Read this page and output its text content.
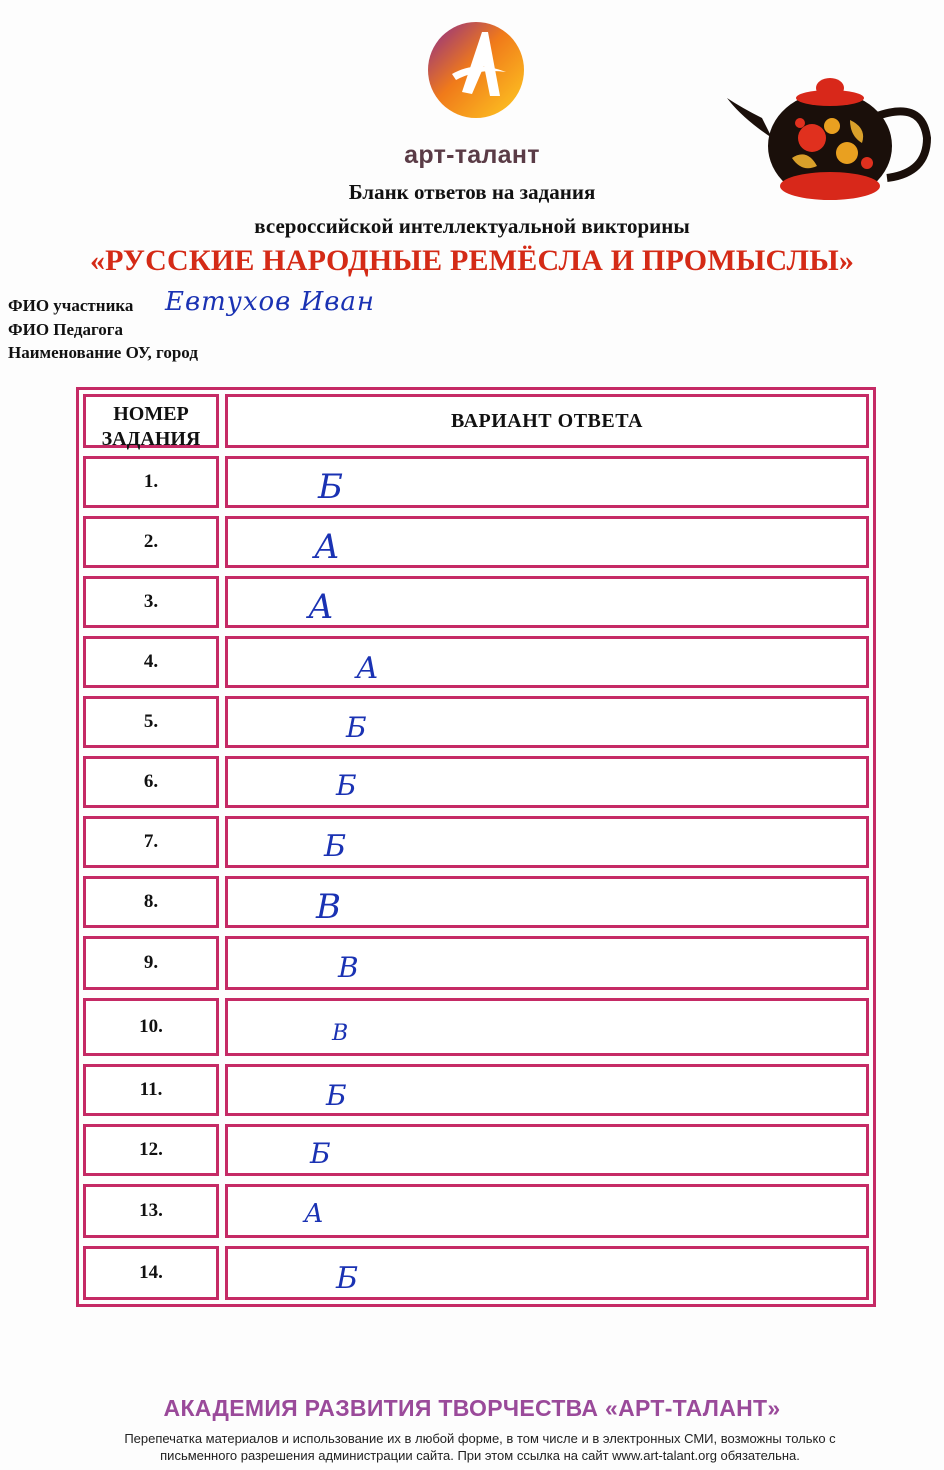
арт-талант
Бланк ответов на задания
всероссийской интеллектуальной викторины
«РУССКИЕ НАРОДНЫЕ РЕМЁСЛА И ПРОМЫСЛЫ»
ФИО участника Евтухов Иван
ФИО Педагога
Наименование ОУ, город
НОМЕР ЗАДАНИЯ
ВАРИАНТ ОТВЕТА
1.	Б
2.	А
3.	А
4.	А
5.	Б
6.	Б
7.	Б
8.	В
9.	В
10.	В
11.	Б
12.	Б
13.	А
14.	Б
АКАДЕМИЯ РАЗВИТИЯ ТВОРЧЕСТВА «АРТ-ТАЛАНТ»
Перепечатка материалов и использование их в любой форме, в том числе и в электронных СМИ, возможны только с
письменного разрешения администрации сайта. При этом ссылка на сайт www.art-talant.org обязательна.
